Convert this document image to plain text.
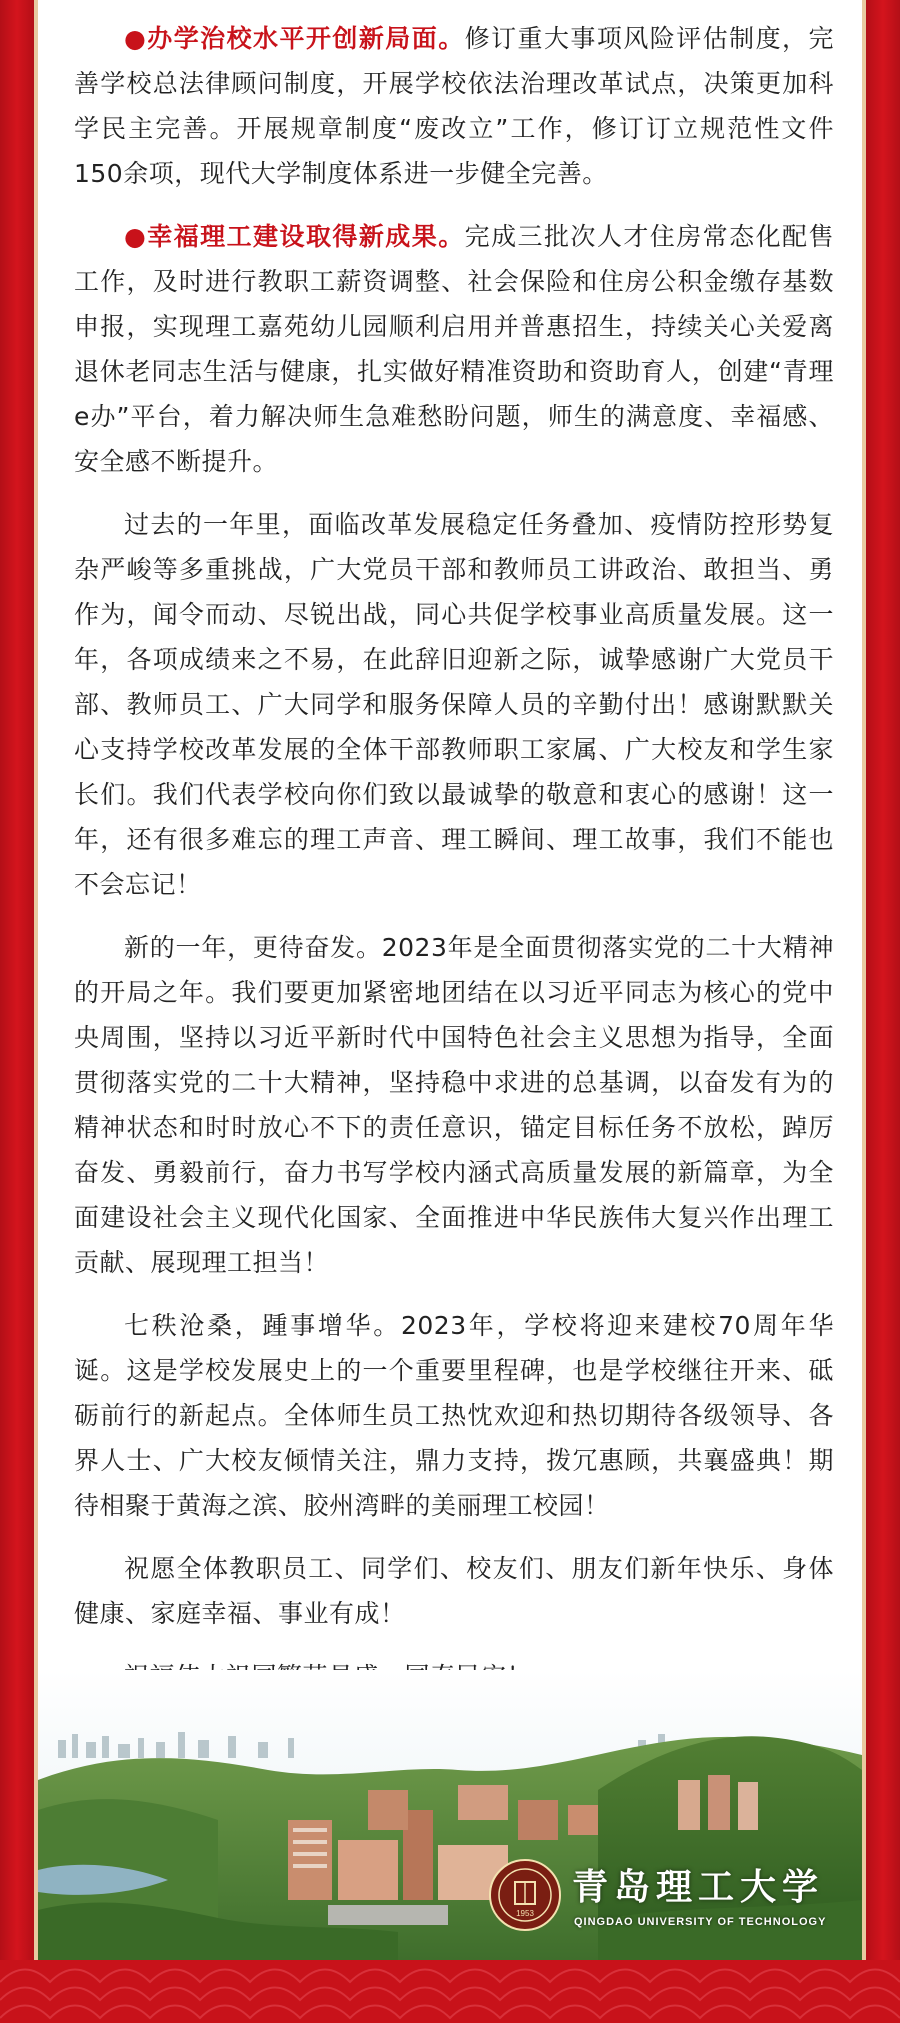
●办学治校水平开创新局面。修订重大事项风险评估制度，完善学校总法律顾问制度，开展学校依法治理改革试点，决策更加科学民主完善。开展规章制度“废改立”工作，修订订立规范性文件150余项，现代大学制度体系进一步健全完善。

●幸福理工建设取得新成果。完成三批次人才住房常态化配售工作，及时进行教职工薪资调整、社会保险和住房公积金缴存基数申报，实现理工嘉苑幼儿园顺利启用并普惠招生，持续关心关爱离退休老同志生活与健康，扎实做好精准资助和资助育人，创建“青理e办”平台，着力解决师生急难愁盼问题，师生的满意度、幸福感、安全感不断提升。

过去的一年里，面临改革发展稳定任务叠加、疫情防控形势复杂严峻等多重挑战，广大党员干部和教师员工讲政治、敢担当、勇作为，闻令而动、尽锐出战，同心共促学校事业高质量发展。这一年，各项成绩来之不易，在此辞旧迎新之际，诚挚感谢广大党员干部、教师员工、广大同学和服务保障人员的辛勤付出！感谢默默关心支持学校改革发展的全体干部教师职工家属、广大校友和学生家长们。我们代表学校向你们致以最诚挚的敬意和衷心的感谢！这一年，还有很多难忘的理工声音、理工瞬间、理工故事，我们不能也不会忘记！

新的一年，更待奋发。2023年是全面贯彻落实党的二十大精神的开局之年。我们要更加紧密地团结在以习近平同志为核心的党中央周围，坚持以习近平新时代中国特色社会主义思想为指导，全面贯彻落实党的二十大精神，坚持稳中求进的总基调，以奋发有为的精神状态和时时放心不下的责任意识，锚定目标任务不放松，踔厉奋发、勇毅前行，奋力书写学校内涵式高质量发展的新篇章，为全面建设社会主义现代化国家、全面推进中华民族伟大复兴作出理工贡献、展现理工担当！

七秩沧桑，踵事增华。2023年，学校将迎来建校70周年华诞。这是学校发展史上的一个重要里程碑，也是学校继往开来、砥砺前行的新起点。全体师生员工热忱欢迎和热切期待各级领导、各界人士、广大校友倾情关注，鼎力支持，拨冗惠顾，共襄盛典！期待相聚于黄海之滨、胶州湾畔的美丽理工校园！

祝愿全体教职员工、同学们、校友们、朋友们新年快乐、身体健康、家庭幸福、事业有成！

1953
青岛理工大学
QINGDAO UNIVERSITY OF TECHNOLOGY
